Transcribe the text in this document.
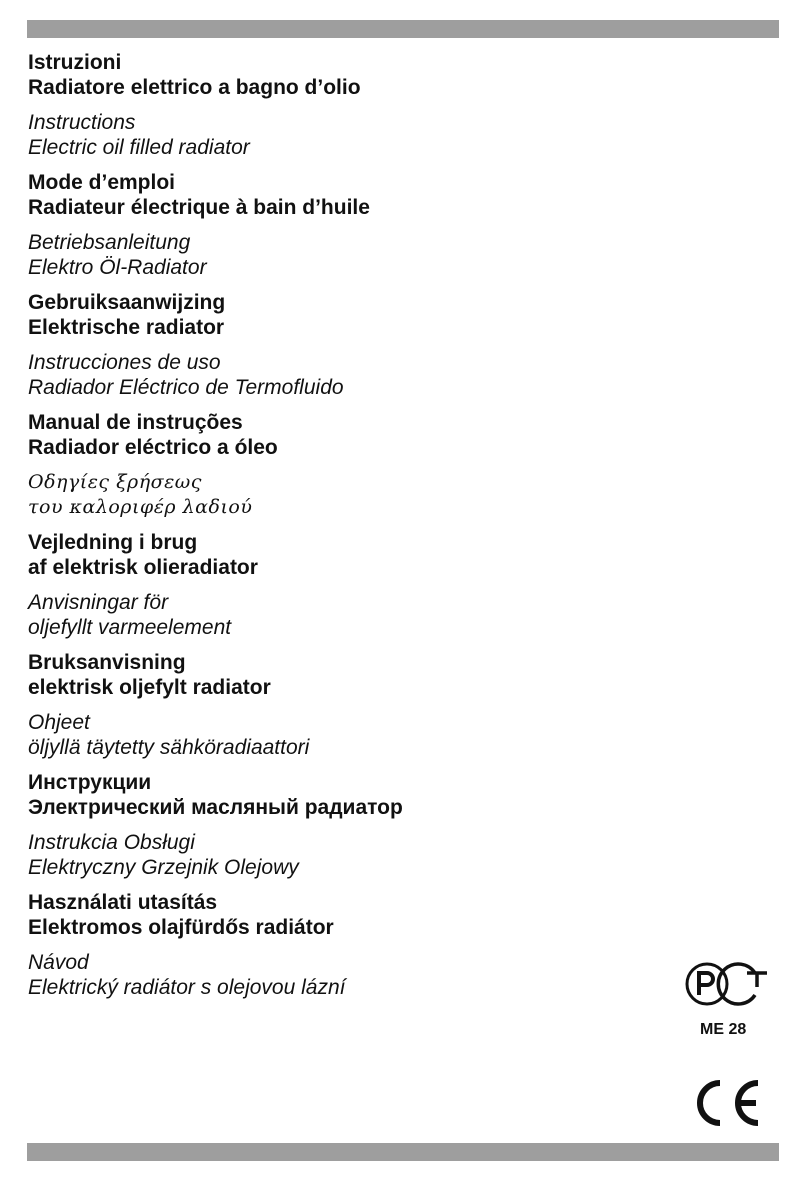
Istruzioni
Radiatore elettrico a bagno d’olio
Instructions
Electric oil filled radiator
Mode d’emploi
Radiateur électrique à bain d’huile
Betriebsanleitung
Elektro Öl-Radiator
Gebruiksaanwijzing
Elektrische radiator
Instrucciones de uso
Radiador Eléctrico de Termofluido
Manual de instruções
Radiador eléctrico a óleo
Οδηγίες ξρήσεως
του καλοριφέρ λαδιού
Vejledning i brug
af elektrisk olieradiator
Anvisningar för
oljefyllt varmeelement
Bruksanvisning
elektrisk oljefylt radiator
Ohjeet
öljyllä täytetty sähköradiaattori
Инструкции
Электрический масляный радиатор
Instrukcia Obsługi
Elektryczny Grzejnik Olejowy
Használati utasítás
Elektromos olajfürdős radiátor
Návod
Elektrický radiátor s olejovou lázní
ME 28
